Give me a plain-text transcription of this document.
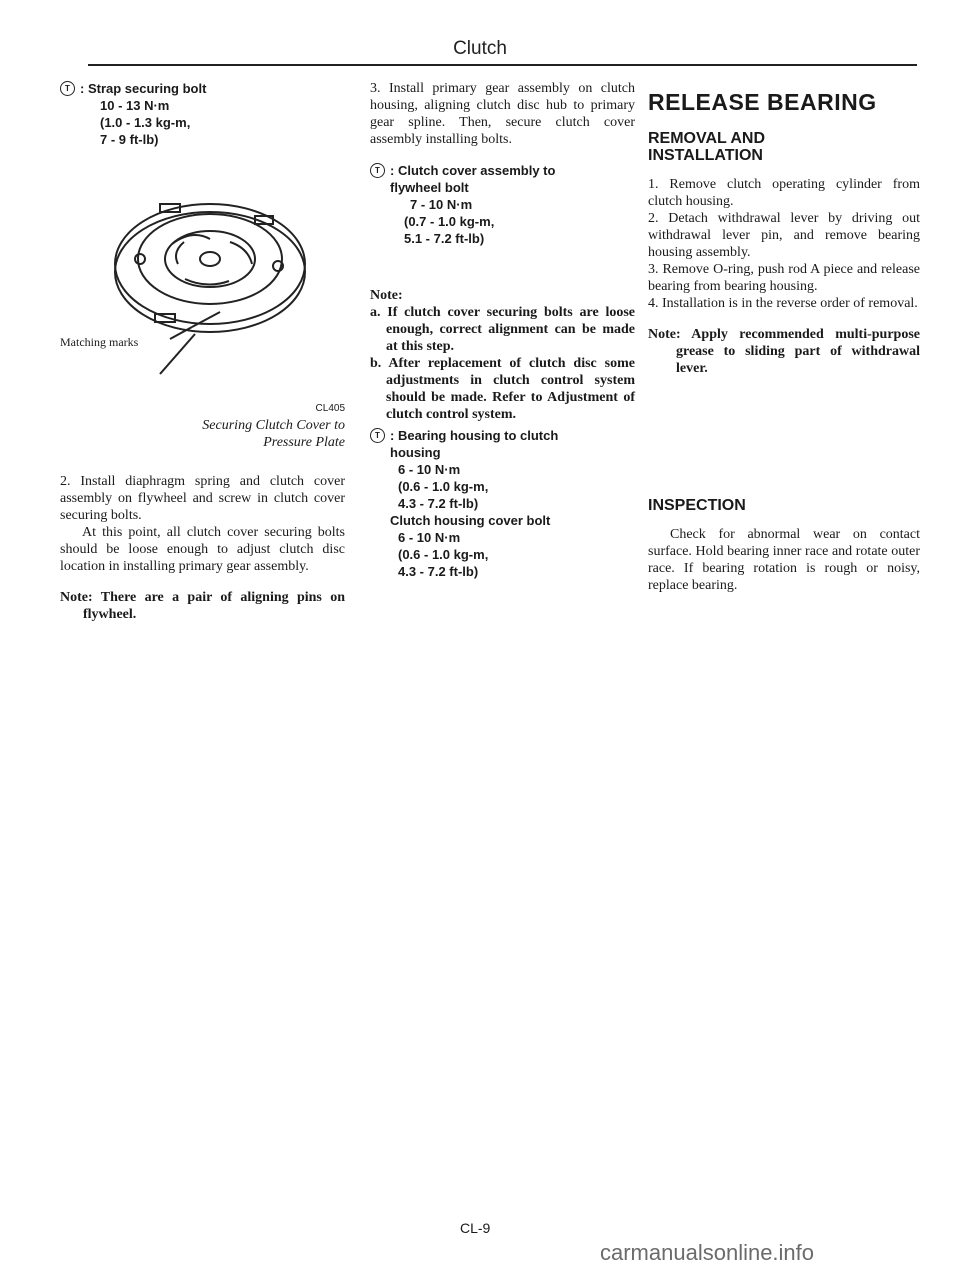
Clutch
T : Strap securing bolt
10 - 13 N·m
(1.0 - 1.3 kg-m,
7 - 9 ft-lb)
Matching marks
CL405
Securing Clutch Cover to
Pressure Plate

2. Install diaphragm spring and clutch cover assembly on flywheel and screw in clutch cover securing bolts.
At this point, all clutch cover securing bolts should be loose enough to adjust clutch disc location in installing primary gear assembly.

Note: There are a pair of aligning pins on flywheel.

3. Install primary gear assembly on clutch housing, aligning clutch disc hub to primary gear spline. Then, secure clutch cover assembly installing bolts.

T : Clutch cover assembly to
flywheel bolt
7 - 10 N·m
(0.7 - 1.0 kg-m,
5.1 - 7.2 ft-lb)
Note:

a. If clutch cover securing bolts are loose enough, correct alignment can be made at this step.

b. After replacement of clutch disc some adjustments in clutch control system should be made. Refer to Adjustment of clutch control system.

T : Bearing housing to clutch
housing
6 - 10 N·m
(0.6 - 1.0 kg-m,
4.3 - 7.2 ft-lb)
Clutch housing cover bolt
6 - 10 N·m
(0.6 - 1.0 kg-m,
4.3 - 7.2 ft-lb)
RELEASE BEARING
REMOVAL AND
INSTALLATION

1. Remove clutch operating cylinder from clutch housing.

2. Detach withdrawal lever by driving out withdrawal lever pin, and remove bearing housing assembly.

3. Remove O-ring, push rod A piece and release bearing from bearing housing.

4. Installation is in the reverse order of removal.

Note: Apply recommended multi-purpose grease to sliding part of withdrawal lever.

INSPECTION

Check for abnormal wear on contact surface. Hold bearing inner race and rotate outer race. If bearing rotation is rough or noisy, replace bearing.

CL-9
carmanualsonline.info
